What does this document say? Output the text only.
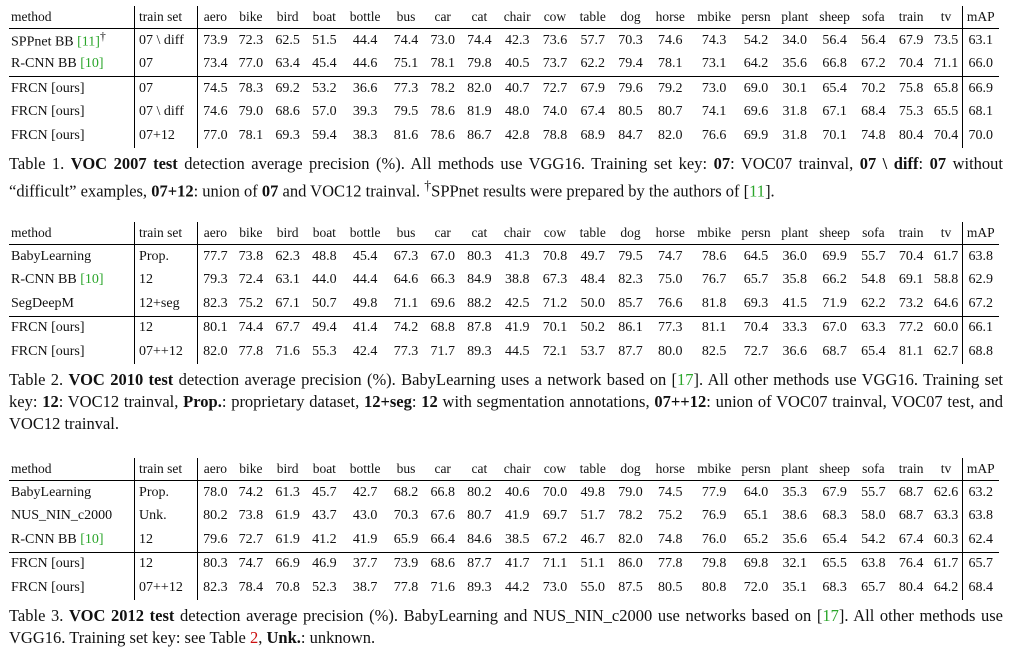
method	train set	aero	bike	bird	boat	bottle	bus	car	cat	chair	cow	table	dog	horse	mbike	persn	plant	sheep	sofa	train	tv	mAP
SPPnet BB [11]†	07 \ diff	73.9	72.3	62.5	51.5	44.4	74.4	73.0	74.4	42.3	73.6	57.7	70.3	74.6	74.3	54.2	34.0	56.4	56.4	67.9	73.5	63.1
R-CNN BB [10]	07	73.4	77.0	63.4	45.4	44.6	75.1	78.1	79.8	40.5	73.7	62.2	79.4	78.1	73.1	64.2	35.6	66.8	67.2	70.4	71.1	66.0
FRCN [ours]	07	74.5	78.3	69.2	53.2	36.6	77.3	78.2	82.0	40.7	72.7	67.9	79.6	79.2	73.0	69.0	30.1	65.4	70.2	75.8	65.8	66.9
FRCN [ours]	07 \ diff	74.6	79.0	68.6	57.0	39.3	79.5	78.6	81.9	48.0	74.0	67.4	80.5	80.7	74.1	69.6	31.8	67.1	68.4	75.3	65.5	68.1
FRCN [ours]	07+12	77.0	78.1	69.3	59.4	38.3	81.6	78.6	86.7	42.8	78.8	68.9	84.7	82.0	76.6	69.9	31.8	70.1	74.8	80.4	70.4	70.0
Table 1. VOC 2007 test detection average precision (%). All methods use VGG16. Training set key: 07: VOC07 trainval, 07 \ diff: 07 without “difficult” examples, 07+12: union of 07 and VOC12 trainval. †SPPnet results were prepared by the authors of [11].
method	train set	aero	bike	bird	boat	bottle	bus	car	cat	chair	cow	table	dog	horse	mbike	persn	plant	sheep	sofa	train	tv	mAP
BabyLearning	Prop.	77.7	73.8	62.3	48.8	45.4	67.3	67.0	80.3	41.3	70.8	49.7	79.5	74.7	78.6	64.5	36.0	69.9	55.7	70.4	61.7	63.8
R-CNN BB [10]	12	79.3	72.4	63.1	44.0	44.4	64.6	66.3	84.9	38.8	67.3	48.4	82.3	75.0	76.7	65.7	35.8	66.2	54.8	69.1	58.8	62.9
SegDeepM	12+seg	82.3	75.2	67.1	50.7	49.8	71.1	69.6	88.2	42.5	71.2	50.0	85.7	76.6	81.8	69.3	41.5	71.9	62.2	73.2	64.6	67.2
FRCN [ours]	12	80.1	74.4	67.7	49.4	41.4	74.2	68.8	87.8	41.9	70.1	50.2	86.1	77.3	81.1	70.4	33.3	67.0	63.3	77.2	60.0	66.1
FRCN [ours]	07++12	82.0	77.8	71.6	55.3	42.4	77.3	71.7	89.3	44.5	72.1	53.7	87.7	80.0	82.5	72.7	36.6	68.7	65.4	81.1	62.7	68.8
Table 2. VOC 2010 test detection average precision (%). BabyLearning uses a network based on [17]. All other methods use VGG16. Training set key: 12: VOC12 trainval, Prop.: proprietary dataset, 12+seg: 12 with segmentation annotations, 07++12: union of VOC07 trainval, VOC07 test, and VOC12 trainval.
method	train set	aero	bike	bird	boat	bottle	bus	car	cat	chair	cow	table	dog	horse	mbike	persn	plant	sheep	sofa	train	tv	mAP
BabyLearning	Prop.	78.0	74.2	61.3	45.7	42.7	68.2	66.8	80.2	40.6	70.0	49.8	79.0	74.5	77.9	64.0	35.3	67.9	55.7	68.7	62.6	63.2
NUS_NIN_c2000	Unk.	80.2	73.8	61.9	43.7	43.0	70.3	67.6	80.7	41.9	69.7	51.7	78.2	75.2	76.9	65.1	38.6	68.3	58.0	68.7	63.3	63.8
R-CNN BB [10]	12	79.6	72.7	61.9	41.2	41.9	65.9	66.4	84.6	38.5	67.2	46.7	82.0	74.8	76.0	65.2	35.6	65.4	54.2	67.4	60.3	62.4
FRCN [ours]	12	80.3	74.7	66.9	46.9	37.7	73.9	68.6	87.7	41.7	71.1	51.1	86.0	77.8	79.8	69.8	32.1	65.5	63.8	76.4	61.7	65.7
FRCN [ours]	07++12	82.3	78.4	70.8	52.3	38.7	77.8	71.6	89.3	44.2	73.0	55.0	87.5	80.5	80.8	72.0	35.1	68.3	65.7	80.4	64.2	68.4
Table 3. VOC 2012 test detection average precision (%). BabyLearning and NUS_NIN_c2000 use networks based on [17]. All other methods use VGG16. Training set key: see Table 2, Unk.: unknown.
